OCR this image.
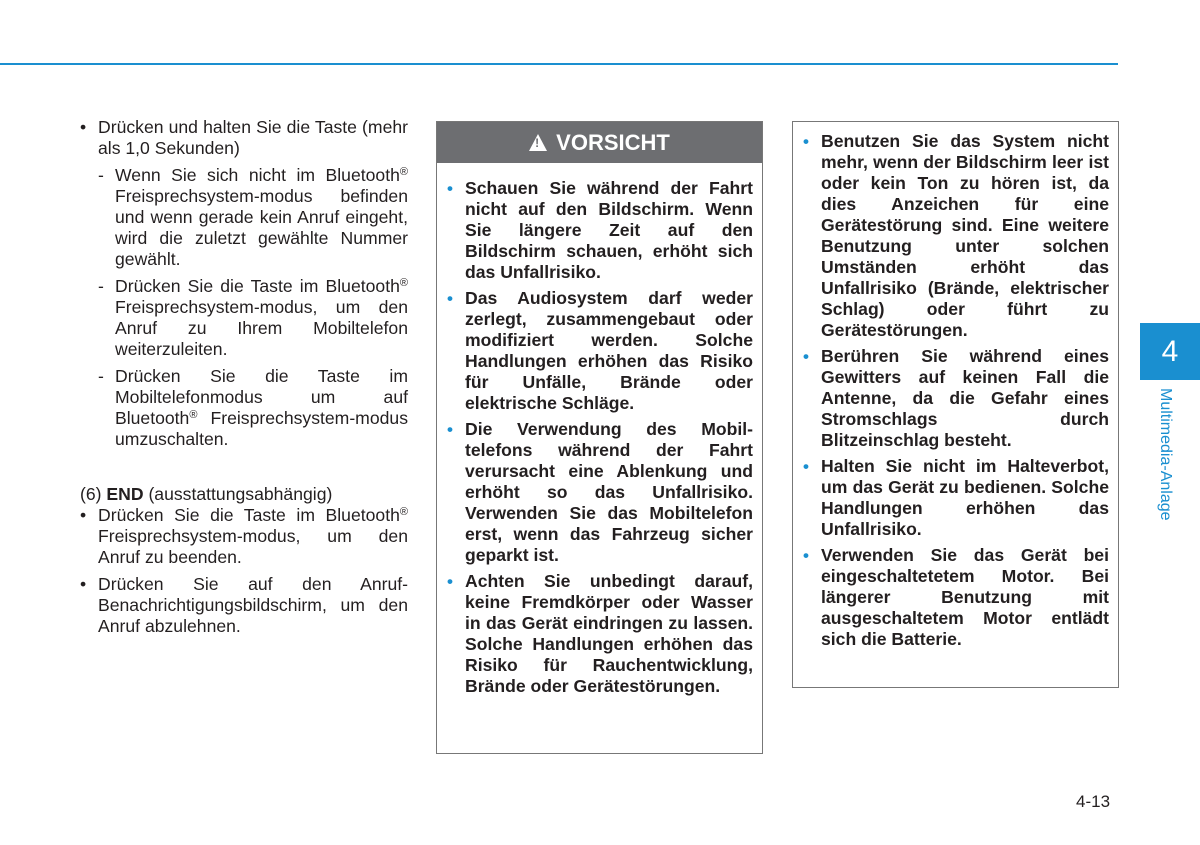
• Drücken und halten Sie die Taste (mehr als 1,0 Sekunden)
- Wenn Sie sich nicht im Bluetooth® Freisprechsystem-modus befinden und wenn gerade kein Anruf eingeht, wird die zuletzt gewählte Nummer gewählt.
- Drücken Sie die Taste im Bluetooth® Freisprechsystem-modus, um den Anruf zu Ihrem Mobiltelefon weiterzuleiten.
- Drücken Sie die Taste im Mobiltelefonmodus um auf Bluetooth® Freisprechsystem-modus umzuschalten.
(6) END (ausstattungsabhängig)
• Drücken Sie die Taste im Bluetooth® Freisprechsystem-modus, um den Anruf zu beenden.
• Drücken Sie auf den Anruf-Benachrichtigungsbildschirm, um den Anruf abzulehnen.
!
VORSICHT
• Schauen Sie während der Fahrt nicht auf den Bildschirm. Wenn Sie längere Zeit auf den Bildschirm schauen, erhöht sich das Unfallrisiko.
• Das Audiosystem darf weder zerlegt, zusammengebaut oder modifiziert werden. Solche Handlungen erhöhen das Risiko für Unfälle, Brände oder elektrische Schläge.
• Die Verwendung des Mobil-telefons während der Fahrt verursacht eine Ablenkung und erhöht so das Unfallrisiko. Verwenden Sie das Mobiltelefon erst, wenn das Fahrzeug sicher geparkt ist.
• Achten Sie unbedingt darauf, keine Fremdkörper oder Wasser in das Gerät eindringen zu lassen. Solche Handlungen erhöhen das Risiko für Rauchentwicklung, Brände oder Gerätestörungen.
• Benutzen Sie das System nicht mehr, wenn der Bildschirm leer ist oder kein Ton zu hören ist, da dies Anzeichen für eine Gerätestörung sind. Eine weitere Benutzung unter solchen Umständen erhöht das Unfallrisiko (Brände, elektrischer Schlag) oder führt zu Gerätestörungen.
• Berühren Sie während eines Gewitters auf keinen Fall die Antenne, da die Gefahr eines Stromschlags durch Blitzeinschlag besteht.
• Halten Sie nicht im Halteverbot, um das Gerät zu bedienen. Solche Handlungen erhöhen das Unfallrisiko.
• Verwenden Sie das Gerät bei eingeschaltetetem Motor. Bei längerer Benutzung mit ausgeschaltetem Motor entlädt sich die Batterie.
4
Multimedia-Anlage
4-13
